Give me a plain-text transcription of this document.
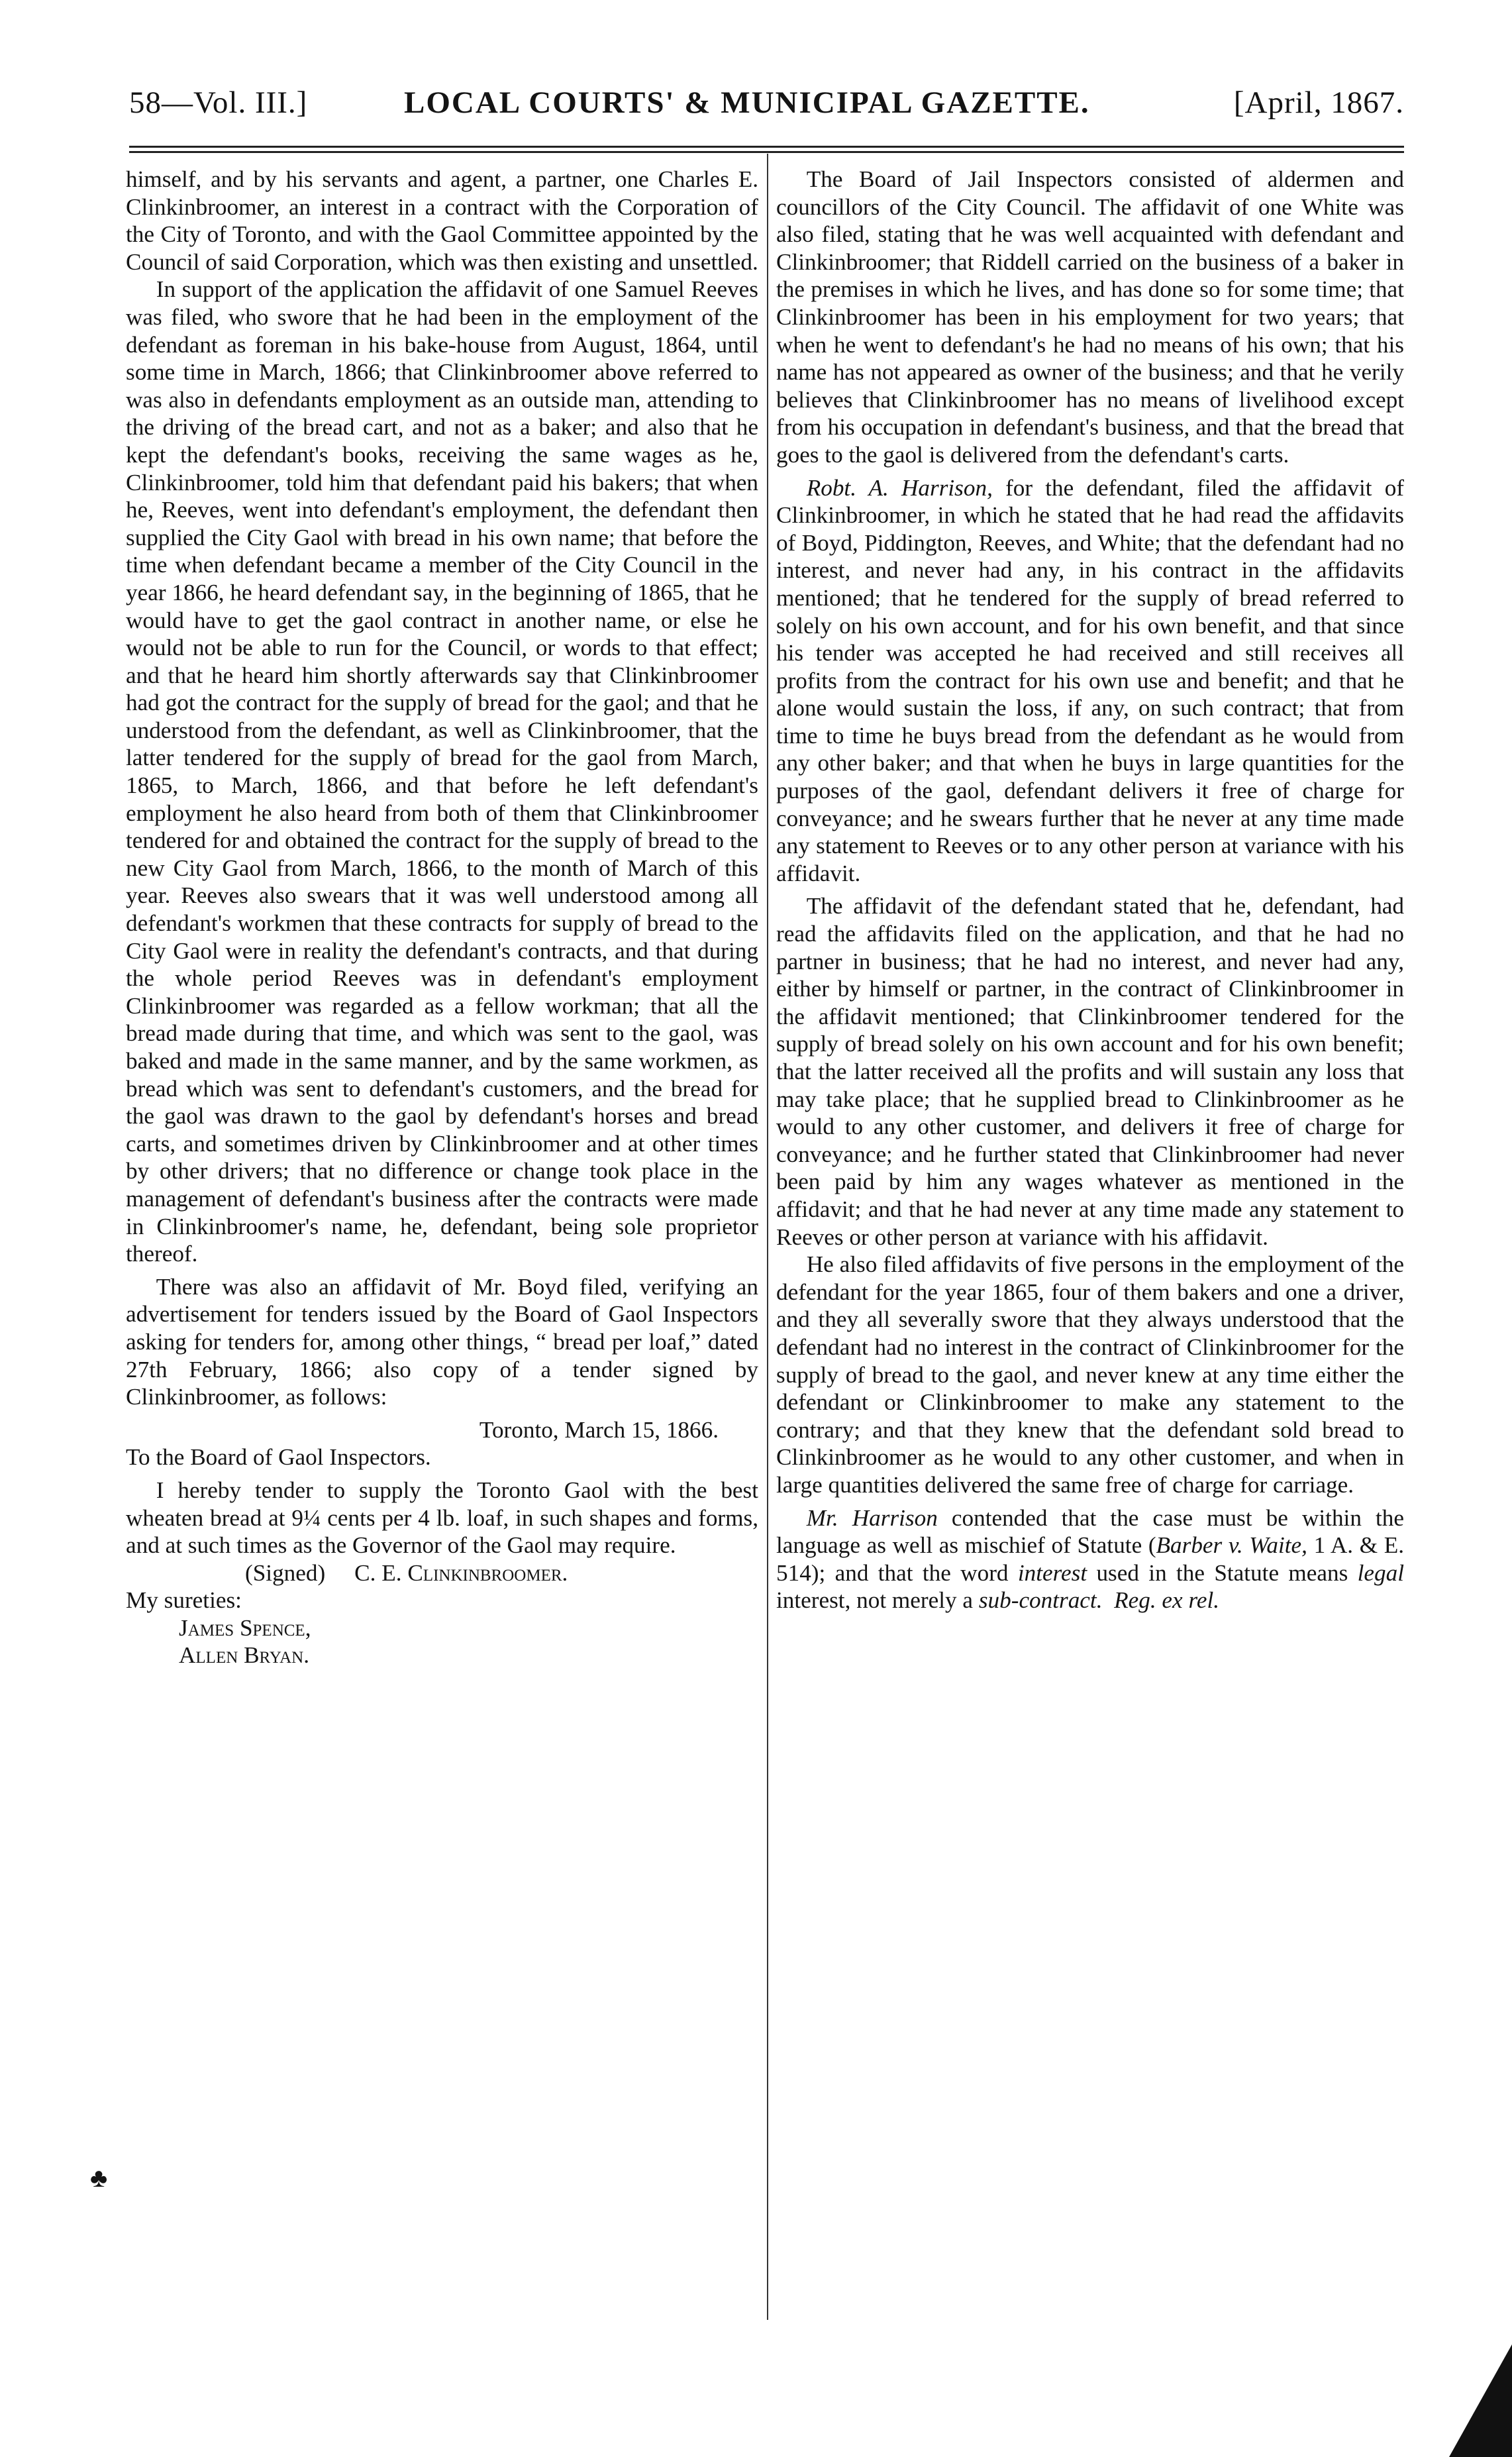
58—Vol. III.]	LOCAL COURTS' & MUNICIPAL GAZETTE.	[April, 1867.

himself, and by his servants and agent, a partner, one Charles E. Clinkinbroomer, an interest in a contract with the Corporation of the City of Toronto, and with the Gaol Committee appointed by the Council of said Corporation, which was then existing and unsettled.

In support of the application the affidavit of one Samuel Reeves was filed, who swore that he had been in the employment of the defendant as foreman in his bake-house from August, 1864, until some time in March, 1866; that Clinkinbroomer above referred to was also in defendants employment as an outside man, attending to the driving of the bread cart, and not as a baker; and also that he kept the defendant's books, receiving the same wages as he, Clinkinbroomer, told him that defendant paid his bakers; that when he, Reeves, went into defendant's employment, the defendant then supplied the City Gaol with bread in his own name; that before the time when defendant became a member of the City Council in the year 1866, he heard defendant say, in the beginning of 1865, that he would have to get the gaol contract in another name, or else he would not be able to run for the Council, or words to that effect; and that he heard him shortly afterwards say that Clinkinbroomer had got the contract for the supply of bread for the gaol; and that he understood from the defendant, as well as Clinkinbroomer, that the latter tendered for the supply of bread for the gaol from March, 1865, to March, 1866, and that before he left defendant's employment he also heard from both of them that Clinkinbroomer tendered for and obtained the contract for the supply of bread to the new City Gaol from March, 1866, to the month of March of this year. Reeves also swears that it was well understood among all defendant's workmen that these contracts for supply of bread to the City Gaol were in reality the defendant's contracts, and that during the whole period Reeves was in defendant's employment Clinkinbroomer was regarded as a fellow workman; that all the bread made during that time, and which was sent to the gaol, was baked and made in the same manner, and by the same workmen, as bread which was sent to defendant's customers, and the bread for the gaol was drawn to the gaol by defendant's horses and bread carts, and sometimes driven by Clinkinbroomer and at other times by other drivers; that no difference or change took place in the management of defendant's business after the contracts were made in Clinkinbroomer's name, he, defendant, being sole proprietor thereof.

There was also an affidavit of Mr. Boyd filed, verifying an advertisement for tenders issued by the Board of Gaol Inspectors asking for tenders for, among other things, “ bread per loaf,” dated 27th February, 1866; also copy of a tender signed by Clinkinbroomer, as follows:

Toronto, March 15, 1866.

To the Board of Gaol Inspectors.

I hereby tender to supply the Toronto Gaol with the best wheaten bread at 9¼ cents per 4 lb. loaf, in such shapes and forms, and at such times as the Governor of the Gaol may require.

(Signed) C. E. Clinkinbroomer.

My sureties:

James Spence,

Allen Bryan.

The Board of Jail Inspectors consisted of aldermen and councillors of the City Council. The affidavit of one White was also filed, stating that he was well acquainted with defendant and Clinkinbroomer; that Riddell carried on the business of a baker in the premises in which he lives, and has done so for some time; that Clinkinbroomer has been in his employment for two years; that when he went to defendant's he had no means of his own; that his name has not appeared as owner of the business; and that he verily believes that Clinkinbroomer has no means of livelihood except from his occupation in defendant's business, and that the bread that goes to the gaol is delivered from the defendant's carts.

Robt. A. Harrison, for the defendant, filed the affidavit of Clinkinbroomer, in which he stated that he had read the affidavits of Boyd, Piddington, Reeves, and White; that the defendant had no interest, and never had any, in his contract in the affidavits mentioned; that he tendered for the supply of bread referred to solely on his own account, and for his own benefit, and that since his tender was accepted he had received and still receives all profits from the contract for his own use and benefit; and that he alone would sustain the loss, if any, on such contract; that from time to time he buys bread from the defendant as he would from any other baker; and that when he buys in large quantities for the purposes of the gaol, defendant delivers it free of charge for conveyance; and he swears further that he never at any time made any statement to Reeves or to any other person at variance with his affidavit.

The affidavit of the defendant stated that he, defendant, had read the affidavits filed on the application, and that he had no partner in business; that he had no interest, and never had any, either by himself or partner, in the contract of Clinkinbroomer in the affidavit mentioned; that Clinkinbroomer tendered for the supply of bread solely on his own account and for his own benefit; that the latter received all the profits and will sustain any loss that may take place; that he supplied bread to Clinkinbroomer as he would to any other customer, and delivers it free of charge for conveyance; and he further stated that Clinkinbroomer had never been paid by him any wages whatever as mentioned in the affidavit; and that he had never at any time made any statement to Reeves or other person at variance with his affidavit.

He also filed affidavits of five persons in the employment of the defendant for the year 1865, four of them bakers and one a driver, and they all severally swore that they always understood that the defendant had no interest in the contract of Clinkinbroomer for the supply of bread to the gaol, and never knew at any time either the defendant or Clinkinbroomer to make any statement to the contrary; and that they knew that the defendant sold bread to Clinkinbroomer as he would to any other customer, and when in large quantities delivered the same free of charge for carriage.

Mr. Harrison contended that the case must be within the language as well as mischief of Statute (Barber v. Waite, 1 A. & E. 514); and that the word interest used in the Statute means legal interest, not merely a sub-contract. Reg. ex rel.

♣
